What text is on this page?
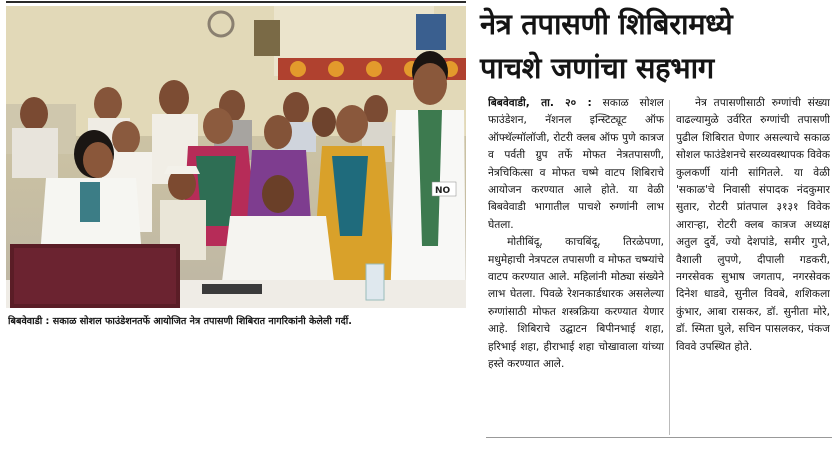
NO
बिबवेवाडी : सकाळ सोशल फाउंडेशनतर्फे आयोजित नेत्र तपासणी शिबिरात नागरिकांनी केलेली गर्दी.
नेत्र तपासणी शिबिरामध्ये
पाचशे जणांचा सहभाग

बिबवेवाडी, ता. २० : सकाळ सोशल फाउंडेशन, नॅशनल इन्स्टिट्यूट ऑफ ऑफ्थॅल्मॉलॉजी, रोटरी क्लब ऑफ पुणे कात्रज व पर्वती ग्रुप तर्फे मोफत नेत्रतपासणी, नेत्रचिकित्सा व मोफत चष्मे वाटप शिबिराचे आयोजन करण्यात आले होते. या वेळी बिबवेवाडी भागातील पाचशे रुग्णांनी लाभ घेतला.

मोतीबिंदू, काचबिंदू, तिरळेपणा, मधुमेहाची नेत्रपटल तपासणी व मोफत चष्म्यांचे वाटप करण्यात आले. महिलांनी मोठ्या संख्येने लाभ घेतला. पिवळे रेशनकार्डधारक असलेल्या रुग्णांसाठी मोफत शस्त्रक्रिया करण्यात येणार आहे. शिबिराचे उद्घाटन बिपीनभाई शहा, हरिभाई शहा, हीराभाई शहा चोखावाला यांच्या हस्ते करण्यात आले.

नेत्र तपासणीसाठी रुग्णांची संख्या वाढल्यामुळे उर्वरित रुग्णांची तपासणी पुढील शिबिरात घेणार असल्याचे सकाळ सोशल फाउंडेशनचे सरव्यवस्थापक विवेक कुलकर्णी यांनी सांगितले. या वेळी 'सकाळ'चे निवासी संपादक नंदकुमार सुतार, रोटरी प्रांतपाल ३१३१ विवेक आराऱ्हा, रोटरी क्लब कात्रज अध्यक्ष अतुल दुर्वे, ज्यो देशपांडे, समीर गुप्ते, वैशाली लुपणे, दीपाली गडकरी, नगरसेवक सुभाष जगताप, नगरसेवक दिनेश धाडवे, सुनील विवबे, शशिकला कुंभार, आबा रासकर, डॉ. सुनीता मोरे, डॉ. स्मिता घुले, सचिन पासलकर, पंकज विववे उपस्थित होते.
